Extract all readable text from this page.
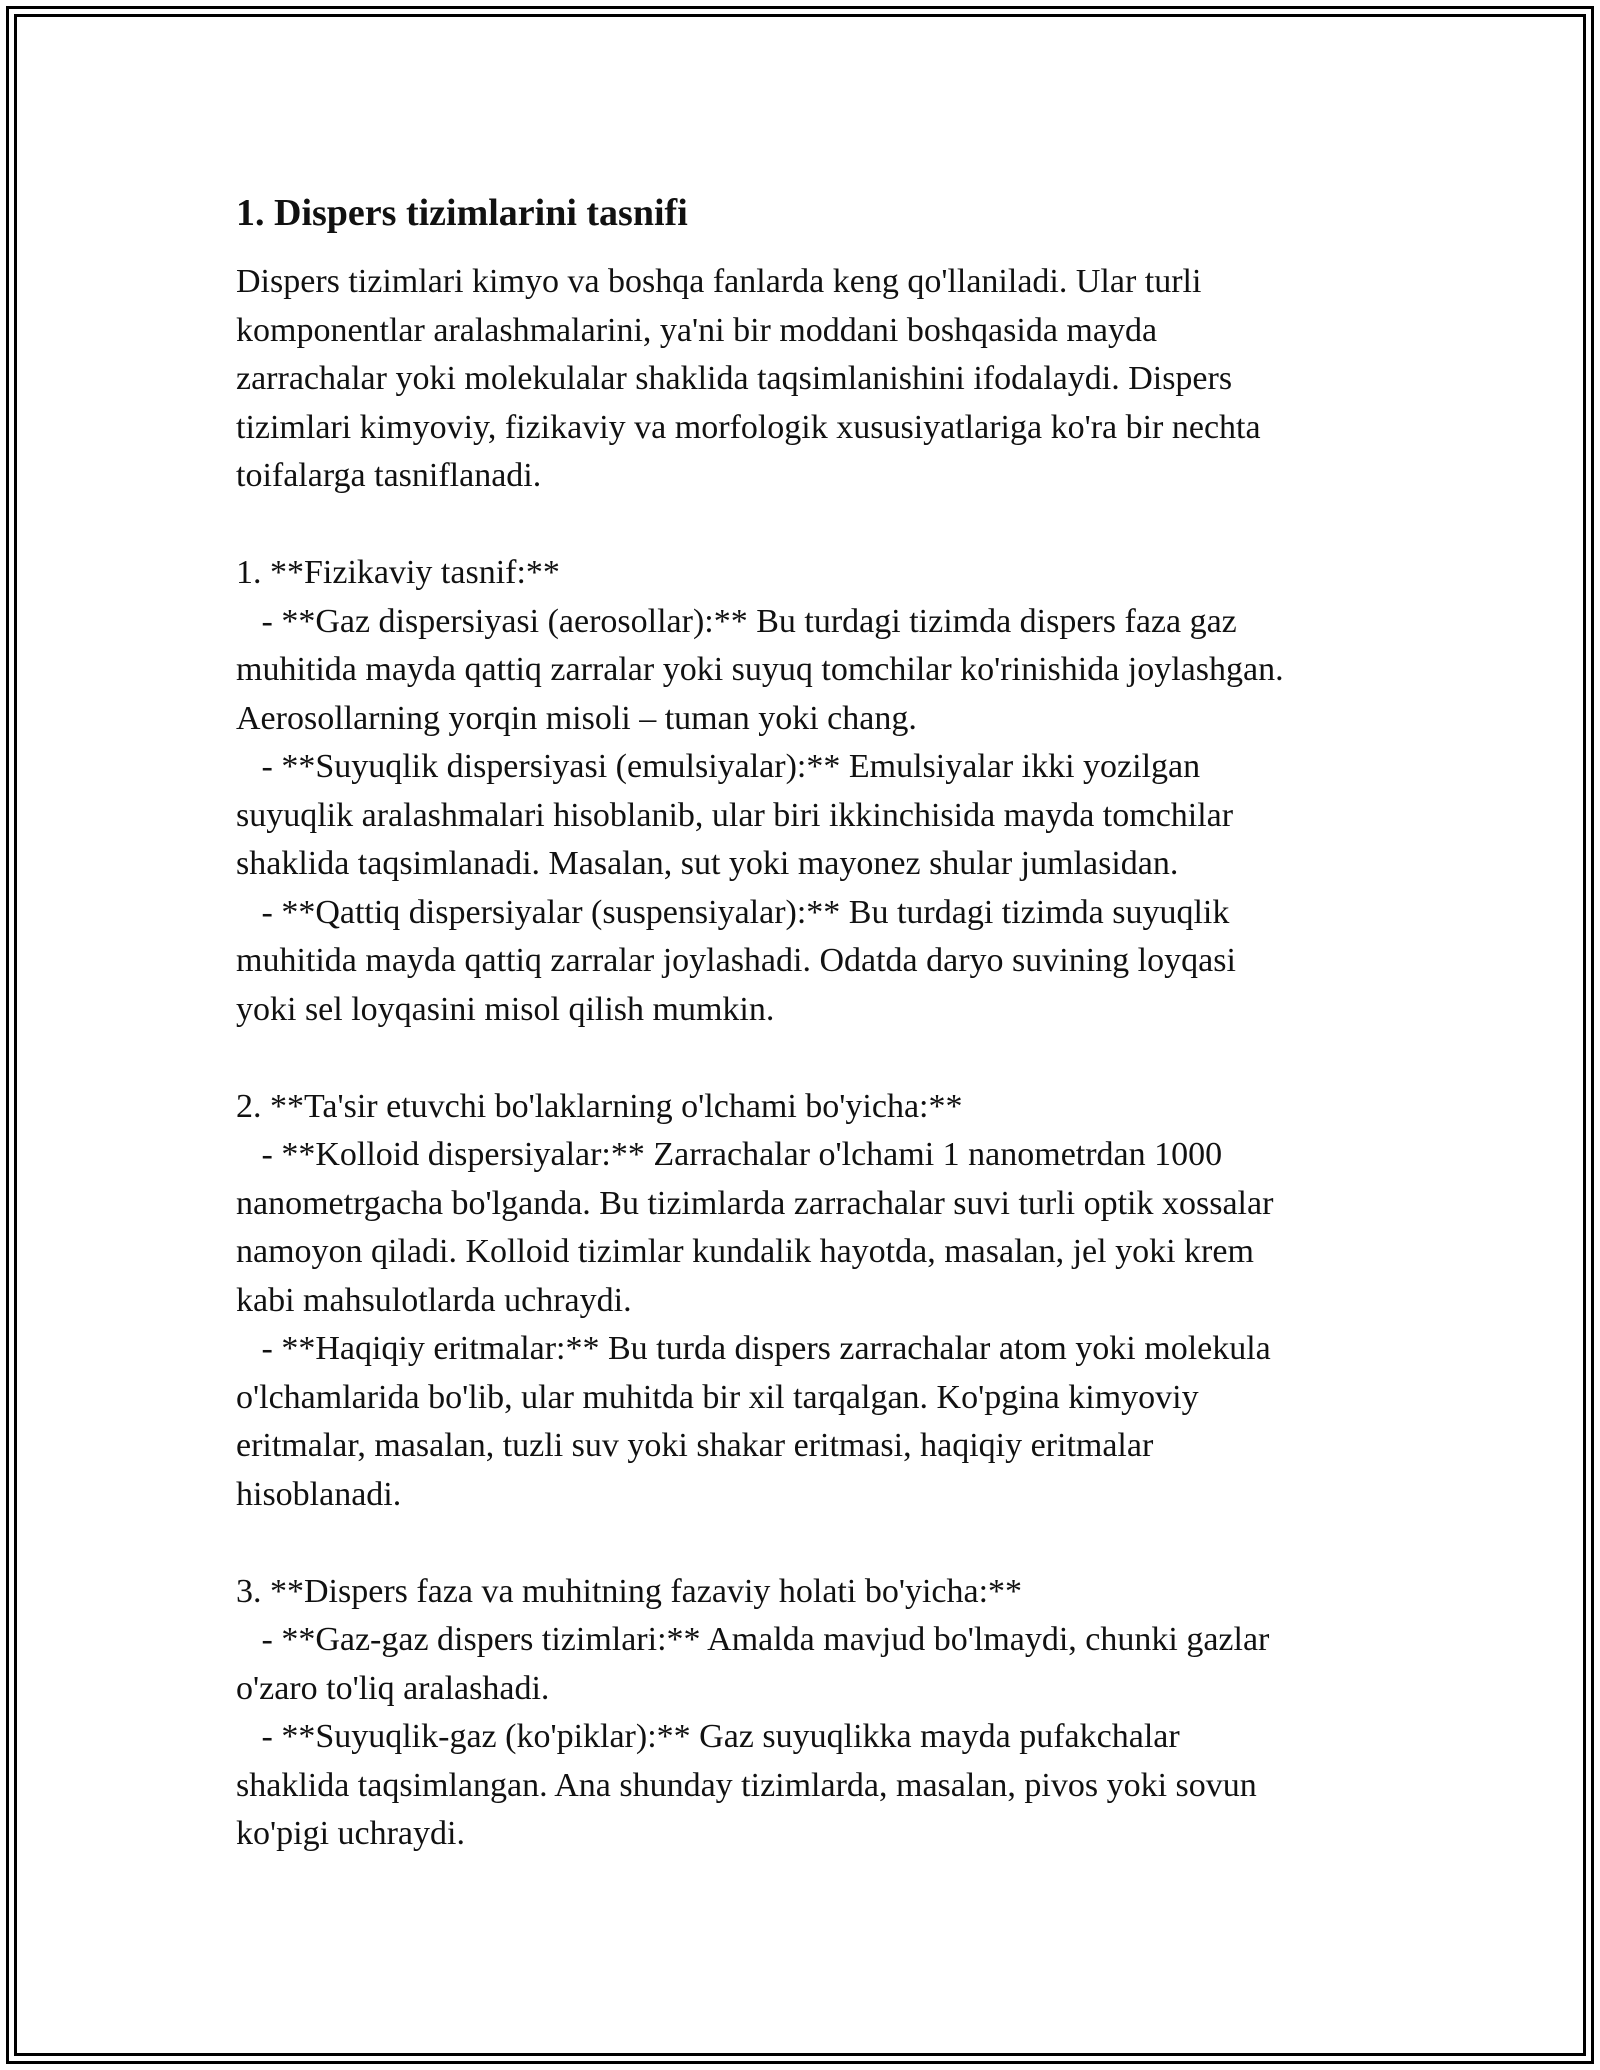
1. Dispers tizimlarini tasnifi
Dispers tizimlari kimyo va boshqa fanlarda keng qo'llaniladi. Ular turli
komponentlar aralashmalarini, ya'ni bir moddani boshqasida mayda
zarrachalar yoki molekulalar shaklida taqsimlanishini ifodalaydi. Dispers
tizimlari kimyoviy, fizikaviy va morfologik xususiyatlariga ko'ra bir nechta
toifalarga tasniflanadi.
1. **Fizikaviy tasnif:**
- **Gaz dispersiyasi (aerosollar):** Bu turdagi tizimda dispers faza gaz
muhitida mayda qattiq zarralar yoki suyuq tomchilar ko'rinishida joylashgan.
Aerosollarning yorqin misoli – tuman yoki chang.
- **Suyuqlik dispersiyasi (emulsiyalar):** Emulsiyalar ikki yozilgan
suyuqlik aralashmalari hisoblanib, ular biri ikkinchisida mayda tomchilar
shaklida taqsimlanadi. Masalan, sut yoki mayonez shular jumlasidan.
- **Qattiq dispersiyalar (suspensiyalar):** Bu turdagi tizimda suyuqlik
muhitida mayda qattiq zarralar joylashadi. Odatda daryo suvining loyqasi
yoki sel loyqasini misol qilish mumkin.
2. **Ta'sir etuvchi bo'laklarning o'lchami bo'yicha:**
- **Kolloid dispersiyalar:** Zarrachalar o'lchami 1 nanometrdan 1000
nanometrgacha bo'lganda. Bu tizimlarda zarrachalar suvi turli optik xossalar
namoyon qiladi. Kolloid tizimlar kundalik hayotda, masalan, jel yoki krem
kabi mahsulotlarda uchraydi.
- **Haqiqiy eritmalar:** Bu turda dispers zarrachalar atom yoki molekula
o'lchamlarida bo'lib, ular muhitda bir xil tarqalgan. Ko'pgina kimyoviy
eritmalar, masalan, tuzli suv yoki shakar eritmasi, haqiqiy eritmalar
hisoblanadi.
3. **Dispers faza va muhitning fazaviy holati bo'yicha:**
- **Gaz-gaz dispers tizimlari:** Amalda mavjud bo'lmaydi, chunki gazlar
o'zaro to'liq aralashadi.
- **Suyuqlik-gaz (ko'piklar):** Gaz suyuqlikka mayda pufakchalar
shaklida taqsimlangan. Ana shunday tizimlarda, masalan, pivos yoki sovun
ko'pigi uchraydi.
